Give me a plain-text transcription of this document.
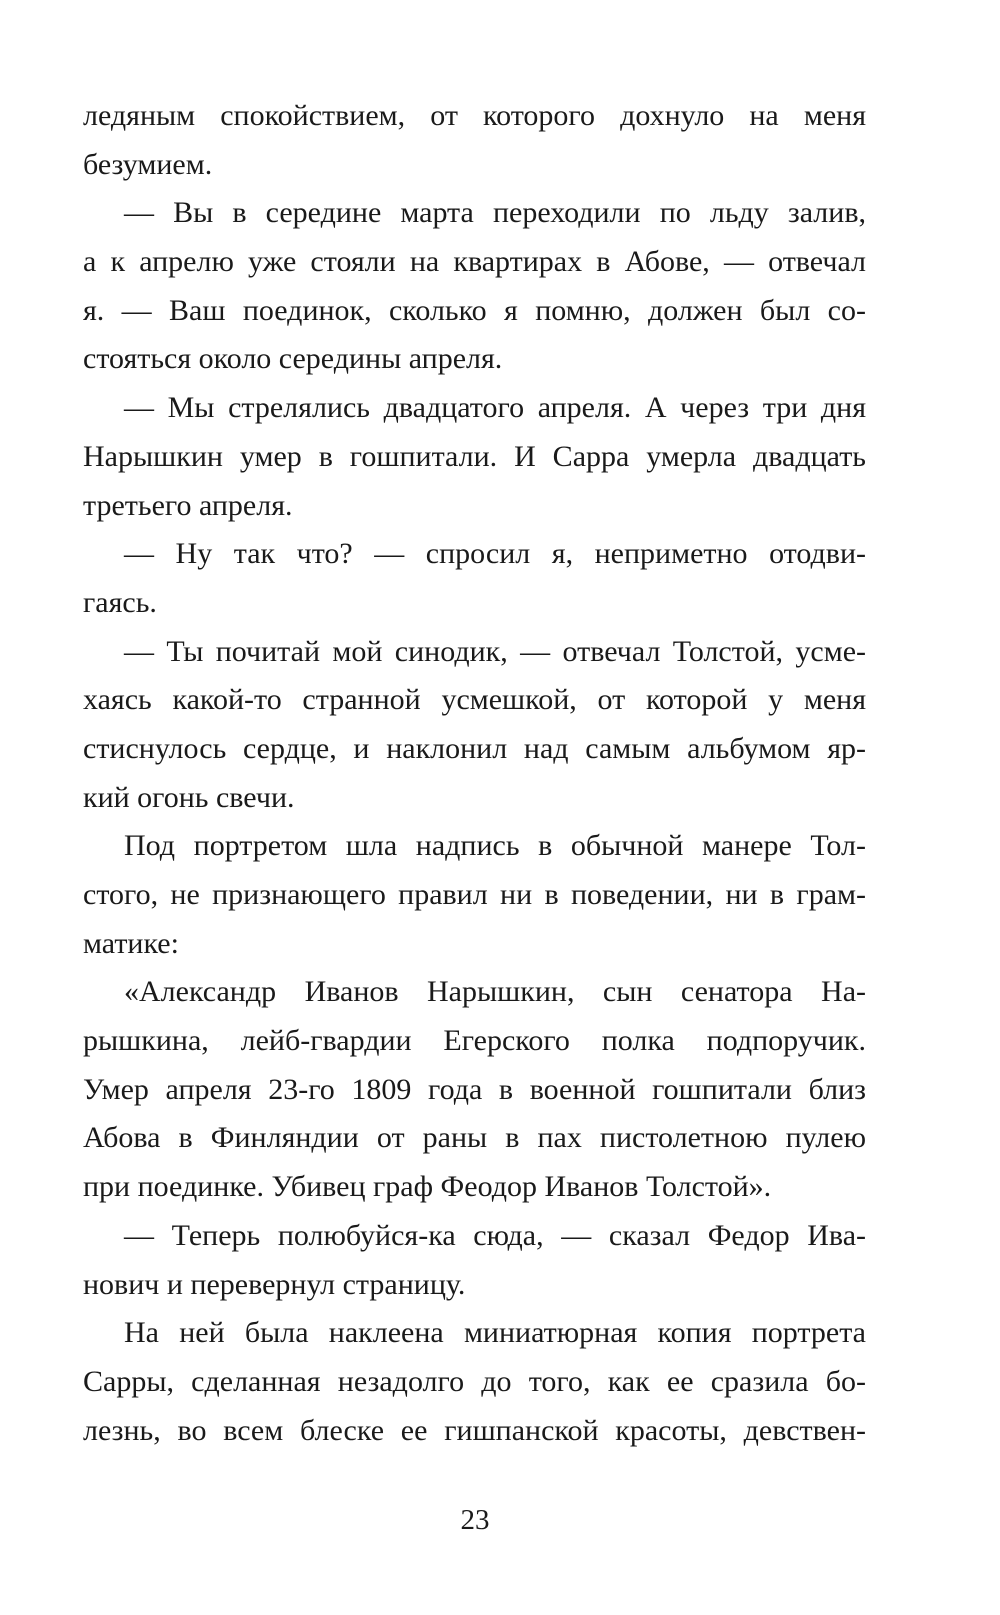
ледяным спокойствием, от которого дохнуло на меня
безумием.
— Вы в середине марта переходили по льду залив,
а к апрелю уже стояли на квартирах в Абове, — отвечал
я. — Ваш поединок, сколько я помню, должен был со-
стояться около середины апреля.
— Мы стрелялись двадцатого апреля. А через три дня
Нарышкин умер в гошпитали. И Сарра умерла двадцать
третьего апреля.
— Ну так что? — спросил я, неприметно отодви-
гаясь.
— Ты почитай мой синодик, — отвечал Толстой, усме-
хаясь какой-то странной усмешкой, от которой у меня
стиснулось сердце, и наклонил над самым альбумом яр-
кий огонь свечи.
Под портретом шла надпись в обычной манере Тол-
стого, не признающего правил ни в поведении, ни в грам-
матике:
«Александр Иванов Нарышкин, сын сенатора На-
рышкина, лейб-гвардии Егерского полка подпоручик.
Умер апреля 23-го 1809 года в военной гошпитали близ
Абова в Финляндии от раны в пах пистолетною пулею
при поединке. Убивец граф Феодор Иванов Толстой».
— Теперь полюбуйся-ка сюда, — сказал Федор Ива-
нович и перевернул страницу.
На ней была наклеена миниатюрная копия портрета
Сарры, сделанная незадолго до того, как ее сразила бо-
лезнь, во всем блеске ее гишпанской красоты, девствен-
23
